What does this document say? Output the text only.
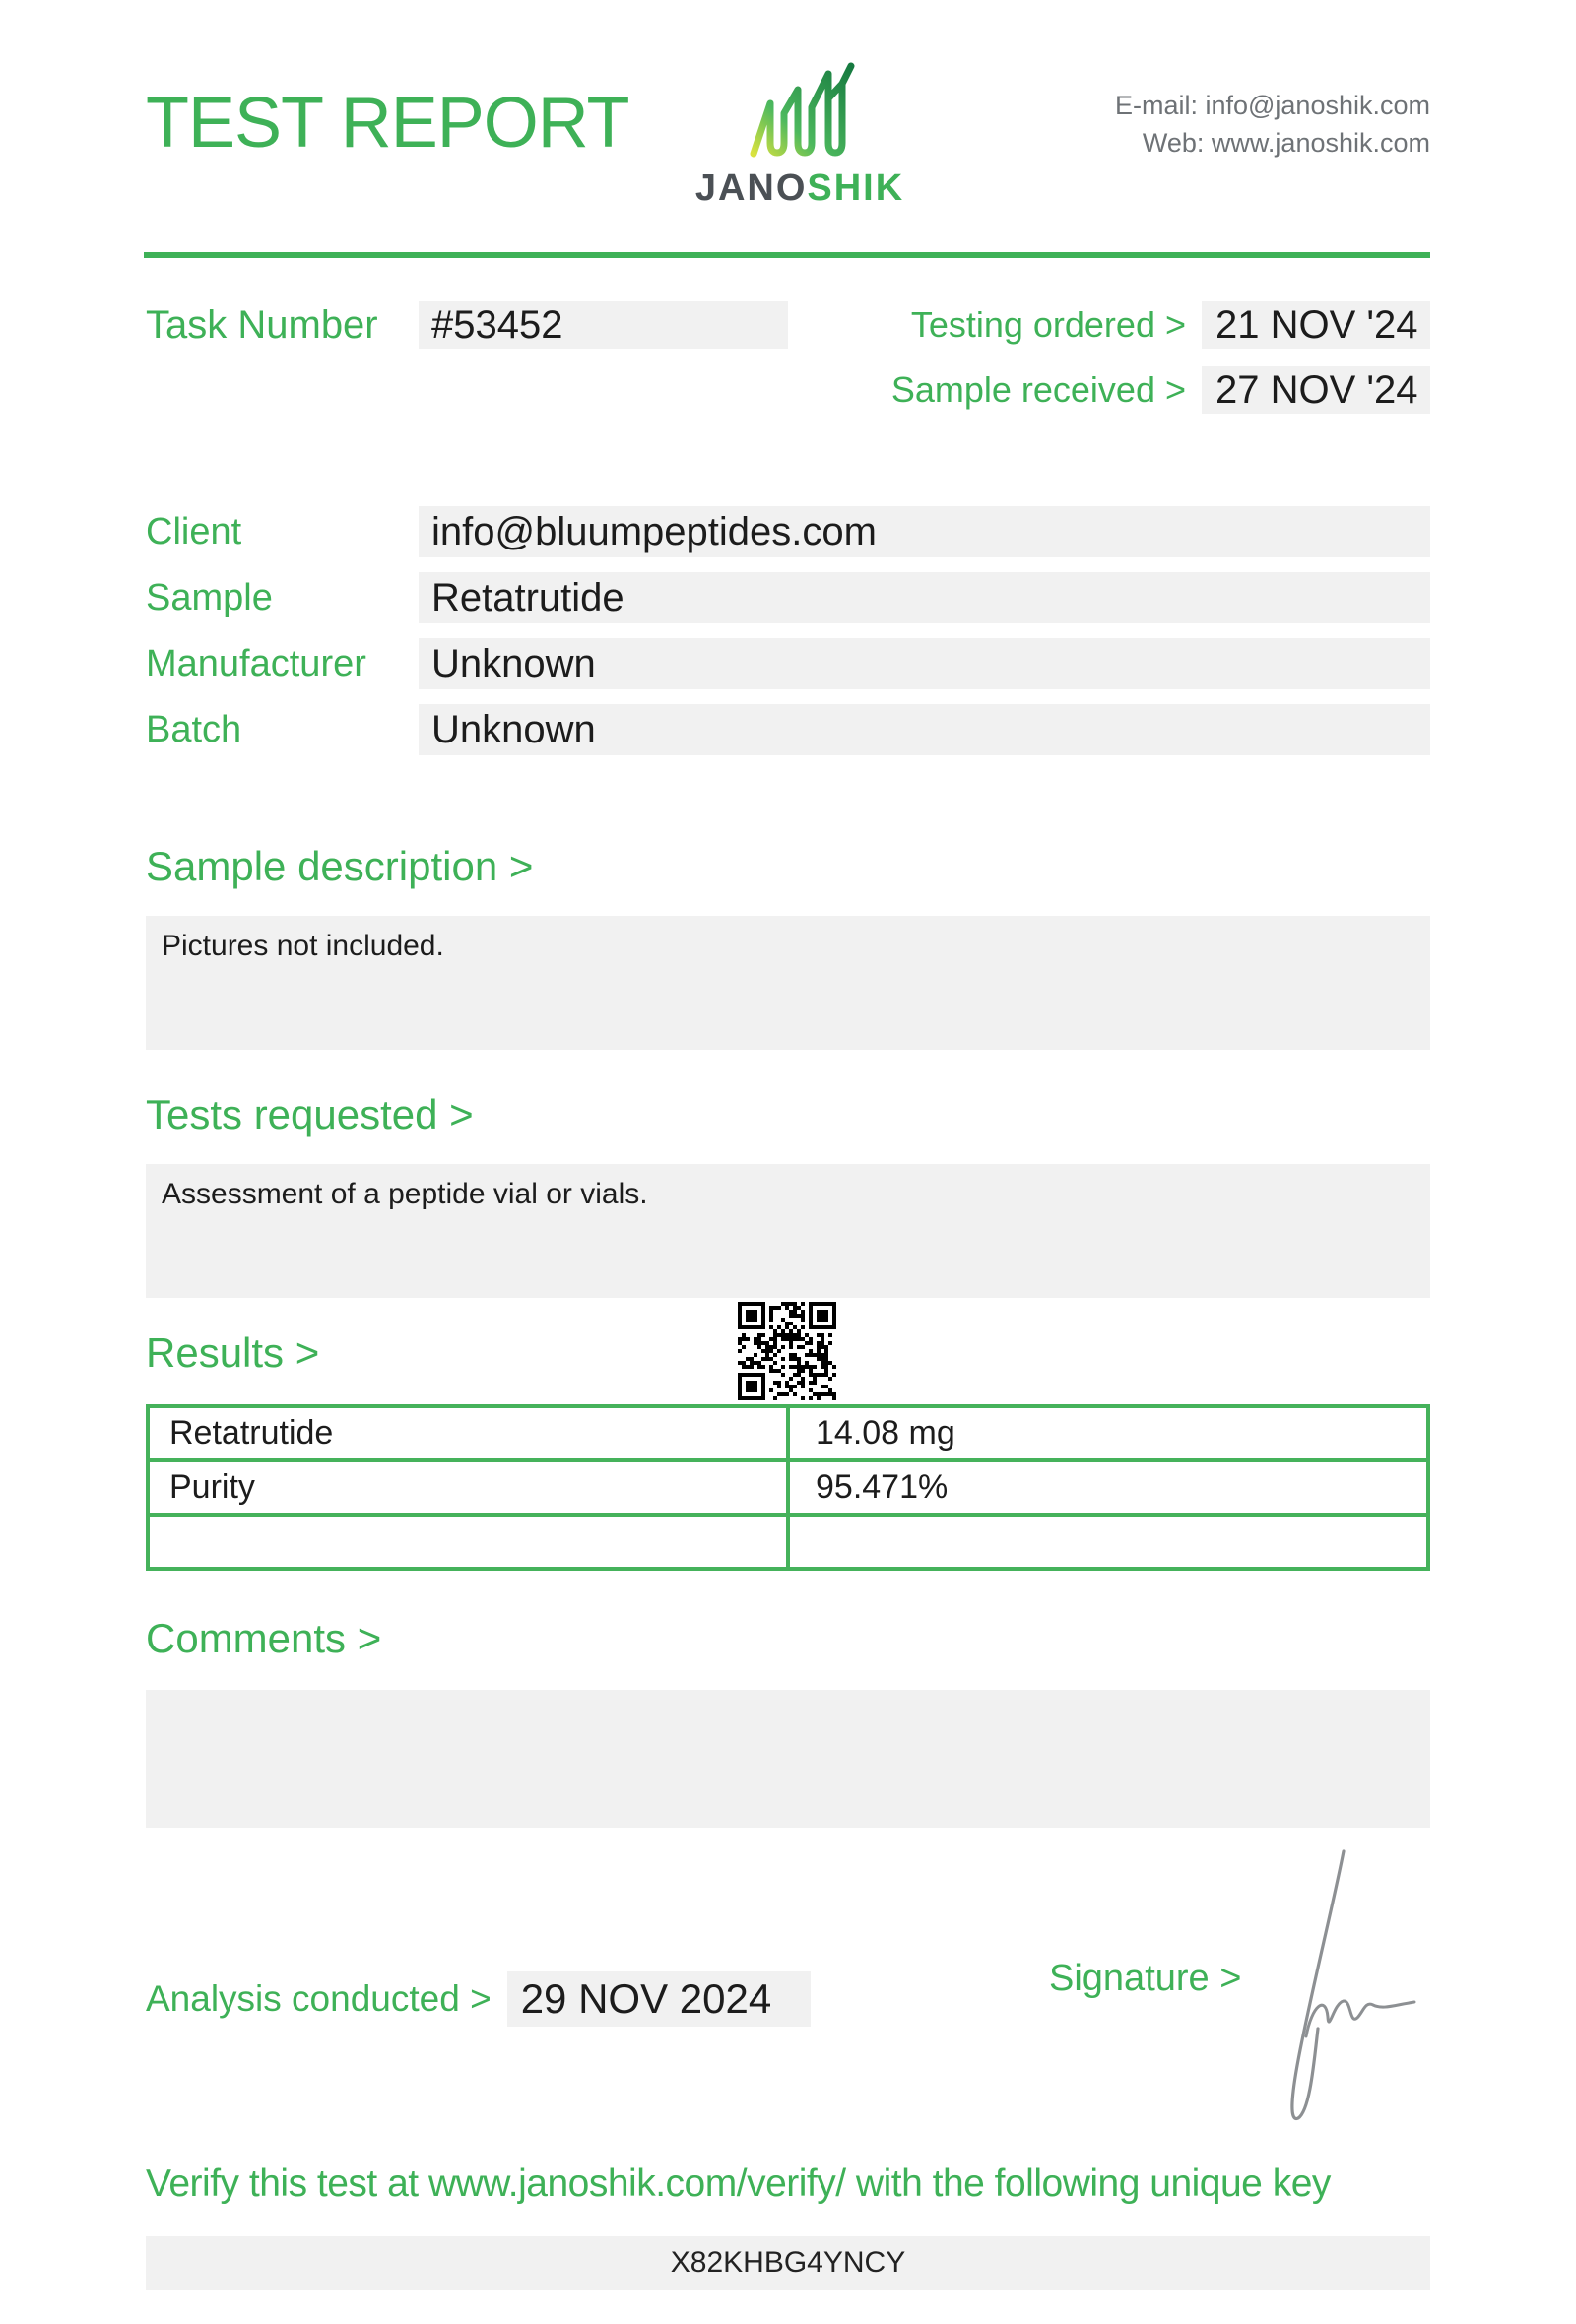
TEST REPORT
JANOSHIK
E-mail: info@janoshik.com
Web: www.janoshik.com
Task Number	#53452	Testing ordered > 21 NOV '24
Sample received > 27 NOV '24
Client	info@bluumpeptides.com
Sample	Retatrutide
Manufacturer	Unknown
Batch	Unknown
Sample description >
Pictures not included.
Tests requested >
Assessment of a peptide vial or vials.
Results >
Retatrutide	14.08 mg
Purity	95.471%

Comments >
Analysis conducted > 29 NOV 2024	Signature >
Verify this test at www.janoshik.com/verify/ with the following unique key
X82KHBG4YNCY
